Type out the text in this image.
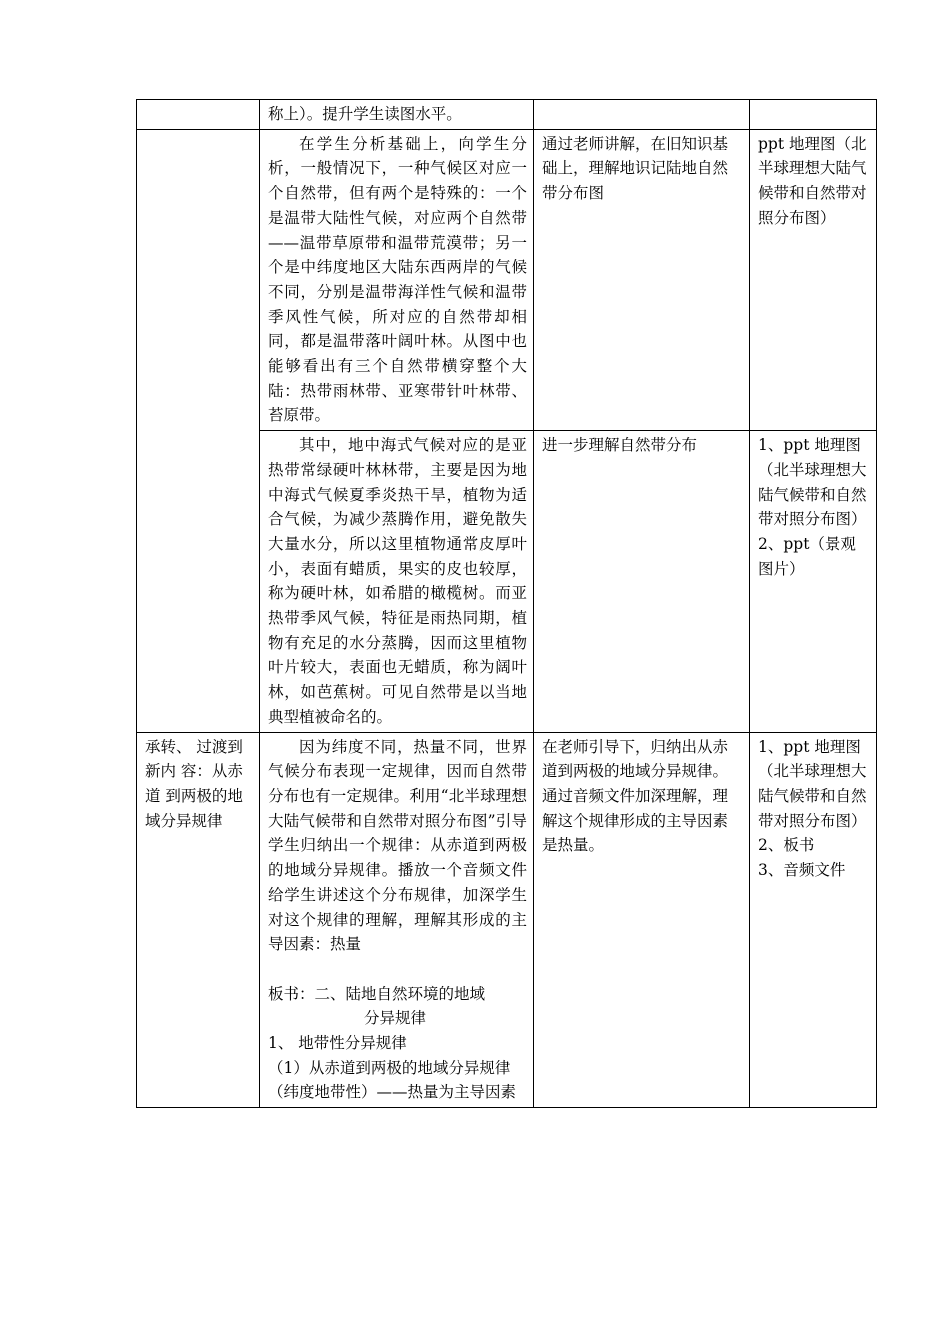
	称上）。提升学生读图水平。		

	在学生分析基础上，向学生分析，一般情况下，一种气候区对应一个自然带，但有两个是特殊的：一个是温带大陆性气候，对应两个自然带——温带草原带和温带荒漠带；另一个是中纬度地区大陆东西两岸的气候不同，分别是温带海洋性气候和温带季风性气候，所对应的自然带却相同，都是温带落叶阔叶林。从图中也能够看出有三个自然带横穿整个大陆：热带雨林带、亚寒带针叶林带、苔原带。	通过老师讲解，在旧知识基础上，理解地识记陆地自然带分布图	ppt 地理图（北半球理想大陆气候带和自然带对照分布图）

	其中，地中海式气候对应的是亚热带常绿硬叶林林带，主要是因为地中海式气候夏季炎热干旱，植物为适合气候，为减少蒸腾作用，避免散失大量水分，所以这里植物通常皮厚叶小，表面有蜡质，果实的皮也较厚，称为硬叶林，如希腊的橄榄树。而亚热带季风气候，特征是雨热同期，植物有充足的水分蒸腾，因而这里植物叶片较大，表面也无蜡质，称为阔叶林，如芭蕉树。可见自然带是以当地典型植被命名的。	进一步理解自然带分布	1、ppt 地理图（北半球理想大陆气候带和自然带对照分布图）
2、ppt（景观图片）

承转、 过渡到新内 容：从赤道 到两极的地 域分异规律	因为纬度不同，热量不同，世界气候分布表现一定规律，因而自然带分布也有一定规律。利用“北半球理想大陆气候带和自然带对照分布图”引导学生归纳出一个规律：从赤道到两极的地域分异规律。播放一个音频文件给学生讲述这个分布规律，加深学生对这个规律的理解，理解其形成的主导因素：热量

板书：二、陆地自然环境的地域
分异规律
1、 地带性分异规律
（1）从赤道到两极的地域分异规律（纬度地带性）——热量为主导因素	在老师引导下，归纳出从赤道到两极的地域分异规律。通过音频文件加深理解，理解这个规律形成的主导因素是热量。	1、ppt 地理图（北半球理想大陆气候带和自然带对照分布图）
2、板书
3、音频文件
